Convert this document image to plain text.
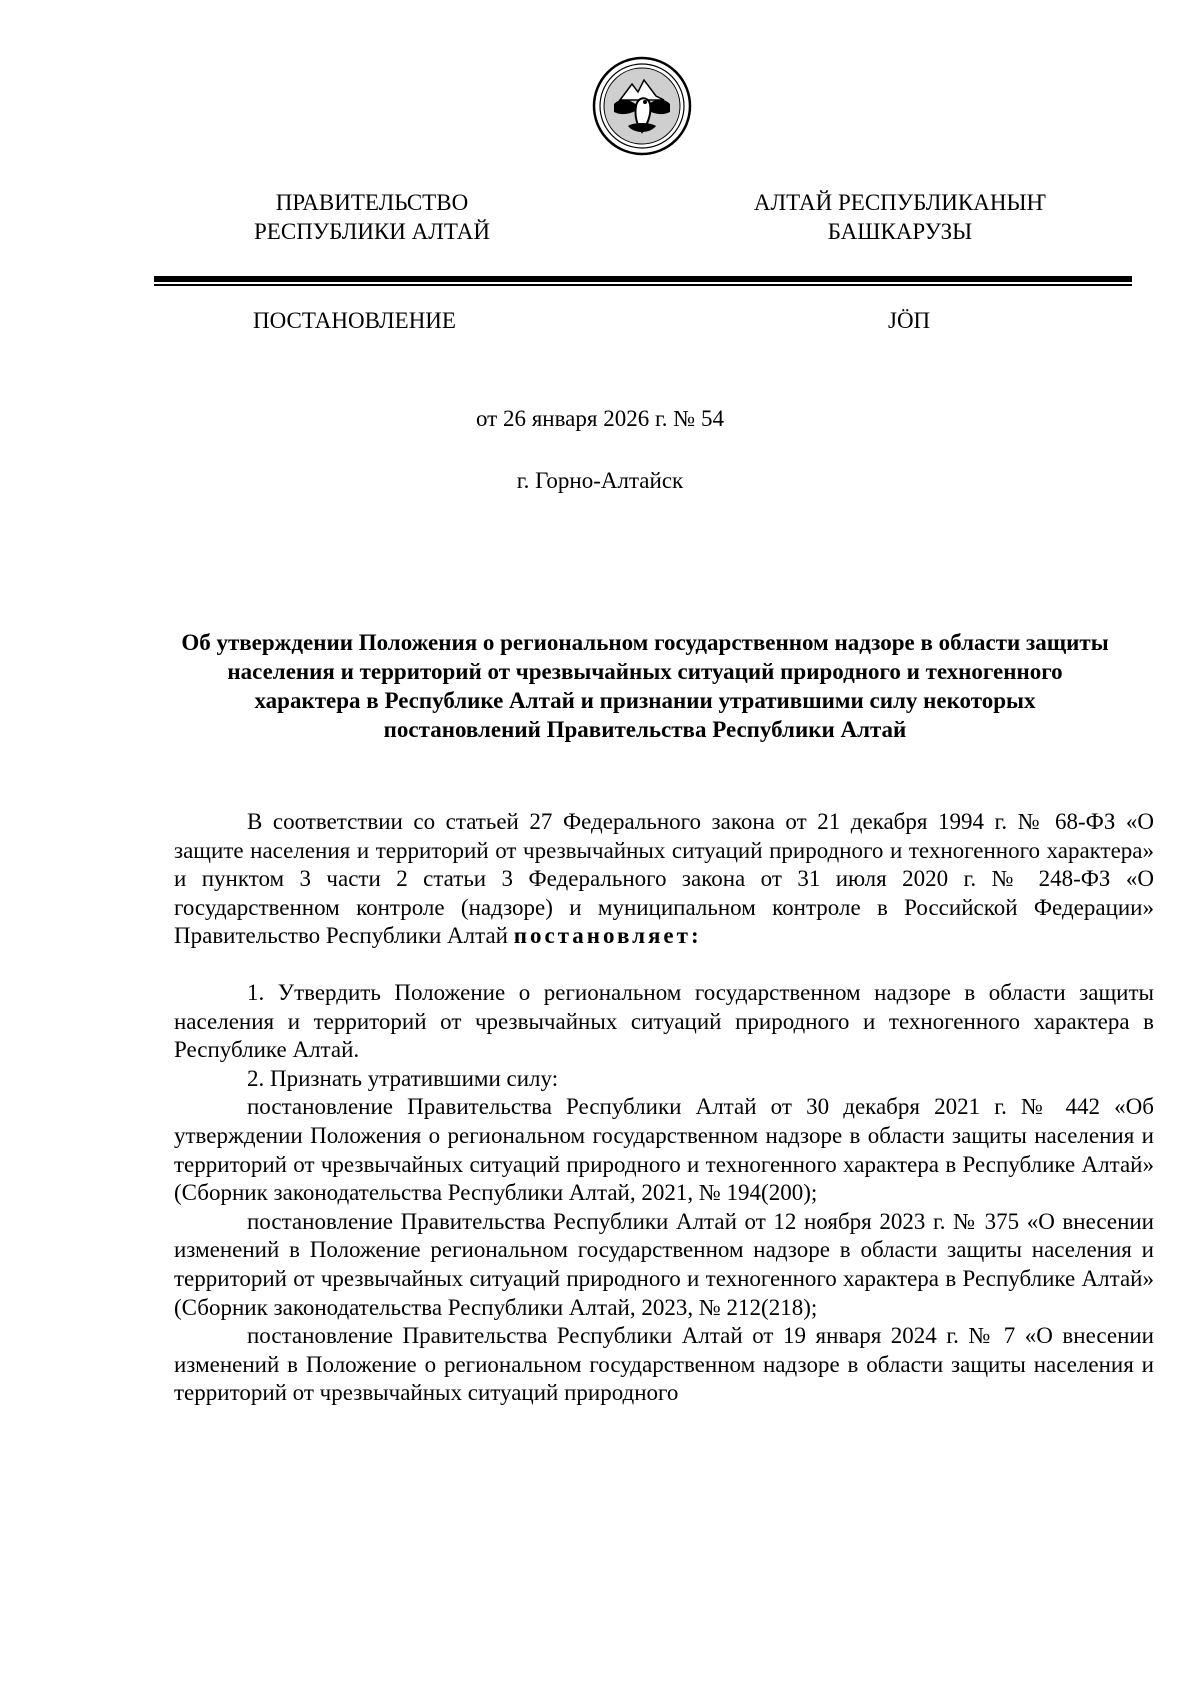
ПРАВИТЕЛЬСТВО
РЕСПУБЛИКИ АЛТАЙ
АЛТАЙ РЕСПУБЛИКАНЫҤ
БАШКАРУЗЫ
ПОСТАНОВЛЕНИЕ	JӦП
от 26 января 2026 г. № 54
г. Горно-Алтайск
Об утверждении Положения о региональном государственном надзоре в области защиты населения и территорий от чрезвычайных ситуаций природного и техногенного характера в Республике Алтай и признании утратившими силу некоторых постановлений Правительства Республики Алтай

В соответствии со статьей 27 Федерального закона от 21 декабря 1994 г. № 68-ФЗ «О защите населения и территорий от чрезвычайных ситуаций природного и техногенного характера» и пунктом 3 части 2 статьи 3 Федерального закона от 31 июля 2020 г. № 248-ФЗ «О государственном контроле (надзоре) и муниципальном контроле в Российской Федерации» Правительство Республики Алтай постановляет:

1. Утвердить Положение о региональном государственном надзоре в области защиты населения и территорий от чрезвычайных ситуаций природного и техногенного характера в Республике Алтай.

2. Признать утратившими силу:

постановление Правительства Республики Алтай от 30 декабря 2021 г. № 442 «Об утверждении Положения о региональном государственном надзоре в области защиты населения и территорий от чрезвычайных ситуаций природного и техногенного характера в Республике Алтай» (Сборник законодательства Республики Алтай, 2021, № 194(200);

постановление Правительства Республики Алтай от 12 ноября 2023 г. № 375 «О внесении изменений в Положение региональном государственном надзоре в области защиты населения и территорий от чрезвычайных ситуаций природного и техногенного характера в Республике Алтай» (Сборник законодательства Республики Алтай, 2023, № 212(218);

постановление Правительства Республики Алтай от 19 января 2024 г. № 7 «О внесении изменений в Положение о региональном государственном надзоре в области защиты населения и территорий от чрезвычайных ситуаций природного
